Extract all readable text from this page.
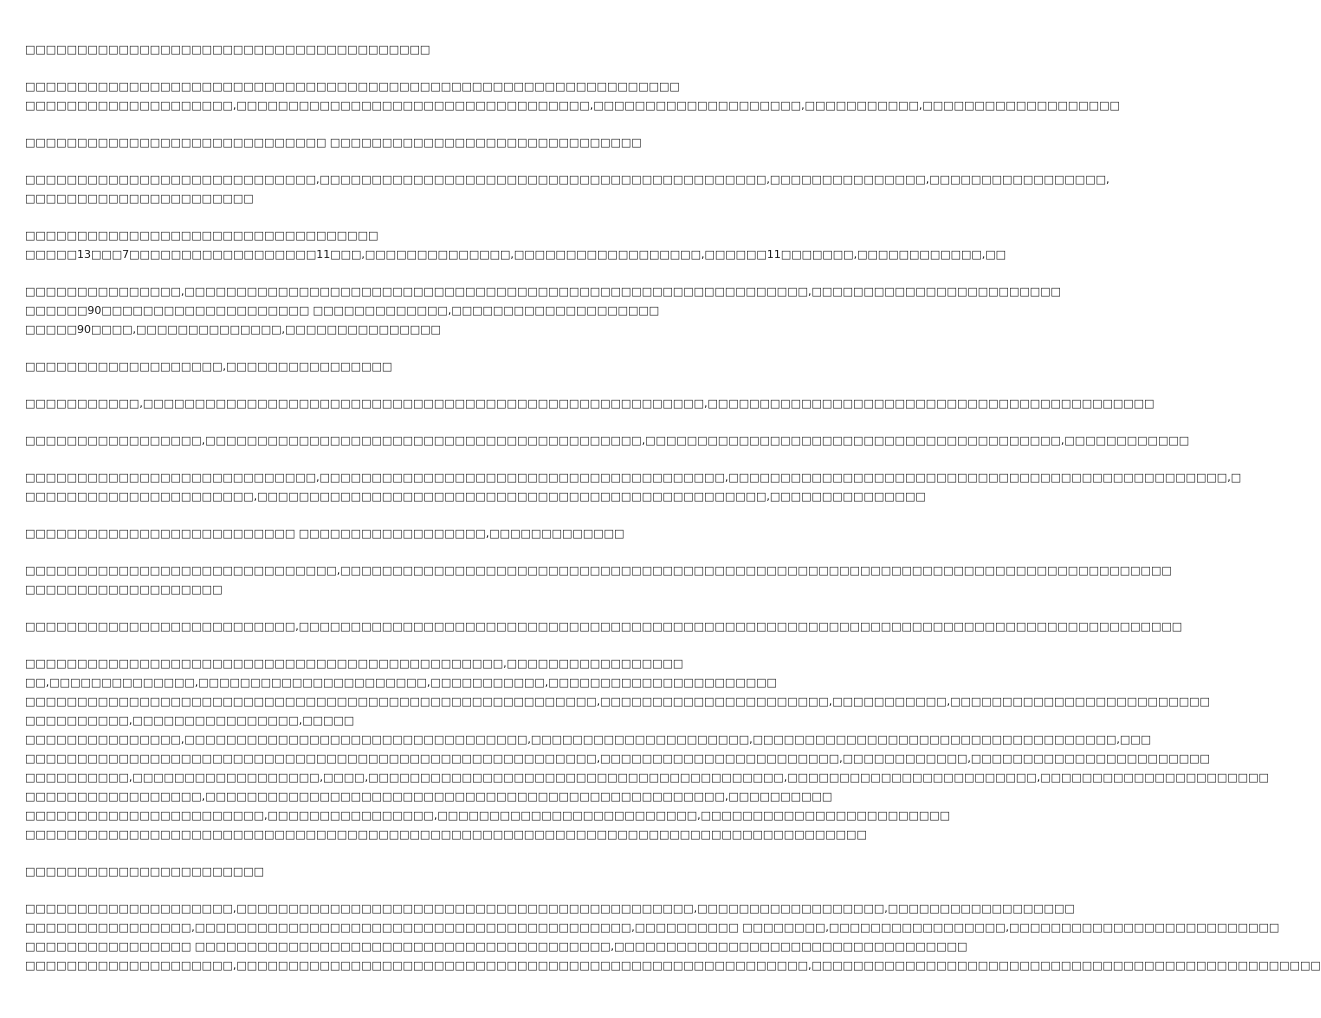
□□□□□□□□□□□□□□□□□□□□□□□□□□□□□□□□□□□□□□□
□□□□□□□□□□□□□□□□□□□□□□□□□□□□□□□□□□□□□□□□□□□□□□□□□□□□□□□□□□□□□□□
□□□□□□□□□□□□□□□□□□□□,□□□□□□□□□□□□□□□□□□□□□□□□□□□□□□□□□□,□□□□□□□□□□□□□□□□□□□□,□□□□□□□□□□□,□□□□□□□□□□□□□□□□□□□
□□□□□□□□□□□□□□□□□□□□□□□□□□□□□ □□□□□□□□□□□□□□□□□□□□□□□□□□□□□□
□□□□□□□□□□□□□□□□□□□□□□□□□□□□,□□□□□□□□□□□□□□□□□□□□□□□□□□□□□□□□□□□□□□□□□□□,□□□□□□□□□□□□□□□,□□□□□□□□□□□□□□□□□,
□□□□□□□□□□□□□□□□□□□□□□
□□□□□□□□□□□□□□□□□□□□□□□□□□□□□□□□□□
□□□□□13□□□7□□□□□□□□□□□□□□□□□□11□□□,□□□□□□□□□□□□□□,□□□□□□□□□□□□□□□□□□,□□□□□□11□□□□□□□,□□□□□□□□□□□□,□□
□□□□□□□□□□□□□□□,□□□□□□□□□□□□□□□□□□□□□□□□□□□□□□□□□□□□□□□□□□□□□□□□□□□□□□□□□□□□,□□□□□□□□□□□□□□□□□□□□□□□□
□□□□□□90□□□□□□□□□□□□□□□□□□□□ □□□□□□□□□□□□□,□□□□□□□□□□□□□□□□□□□□
□□□□□90□□□□,□□□□□□□□□□□□□□,□□□□□□□□□□□□□□□
□□□□□□□□□□□□□□□□□□□,□□□□□□□□□□□□□□□□
□□□□□□□□□□□,□□□□□□□□□□□□□□□□□□□□□□□□□□□□□□□□□□□□□□□□□□□□□□□□□□□□□□,□□□□□□□□□□□□□□□□□□□□□□□□□□□□□□□□□□□□□□□□□□□
□□□□□□□□□□□□□□□□□,□□□□□□□□□□□□□□□□□□□□□□□□□□□□□□□□□□□□□□□□□□,□□□□□□□□□□□□□□□□□□□□□□□□□□□□□□□□□□□□□□□□,□□□□□□□□□□□□
□□□□□□□□□□□□□□□□□□□□□□□□□□□□,□□□□□□□□□□□□□□□□□□□□□□□□□□□□□□□□□□□□□□□,□□□□□□□□□□□□□□□□□□□□□□□□□□□□□□□□□□□□□□□□□□□□□□□□,□
□□□□□□□□□□□□□□□□□□□□□□,□□□□□□□□□□□□□□□□□□□□□□□□□□□□□□□□□□□□□□□□□□□□□□□□□,□□□□□□□□□□□□□□□
□□□□□□□□□□□□□□□□□□□□□□□□□□ □□□□□□□□□□□□□□□□□□,□□□□□□□□□□□□□
□□□□□□□□□□□□□□□□□□□□□□□□□□□□□□,□□□□□□□□□□□□□□□□□□□□□□□□□□□□□□□□□□□□□□□□□□□□□□□□□□□□□□□□□□□□□□□□□□□□□□□□□□□□□□□□
□□□□□□□□□□□□□□□□□□□
□□□□□□□□□□□□□□□□□□□□□□□□□□,□□□□□□□□□□□□□□□□□□□□□□□□□□□□□□□□□□□□□□□□□□□□□□□□□□□□□□□□□□□□□□□□□□□□□□□□□□□□□□□□□□□□□
□□□□□□□□□□□□□□□□□□□□□□□□□□□□□□□□□□□□□□□□□□□□□□,□□□□□□□□□□□□□□□□□
□□,□□□□□□□□□□□□□□,□□□□□□□□□□□□□□□□□□□□□□,□□□□□□□□□□□,□□□□□□□□□□□□□□□□□□□□□□
□□□□□□□□□□□□□□□□□□□□□□□□□□□□□□□□□□□□□□□□□□□□□□□□□□□□□□□,□□□□□□□□□□□□□□□□□□□□□□,□□□□□□□□□□□,□□□□□□□□□□□□□□□□□□□□□□□□□
□□□□□□□□□□,□□□□□□□□□□□□□□□□,□□□□□
□□□□□□□□□□□□□□□,□□□□□□□□□□□□□□□□□□□□□□□□□□□□□□□□□,□□□□□□□□□□□□□□□□□□□□□,□□□□□□□□□□□□□□□□□□□□□□□□□□□□□□□□□□□,□□□
□□□□□□□□□□□□□□□□□□□□□□□□□□□□□□□□□□□□□□□□□□□□□□□□□□□□□□□,□□□□□□□□□□□□□□□□□□□□□□□,□□□□□□□□□□□□,□□□□□□□□□□□□□□□□□□□□□□□
□□□□□□□□□□,□□□□□□□□□□□□□□□□□□,□□□□,□□□□□□□□□□□□□□□□□□□□□□□□□□□□□□□□□□□□□□□□,□□□□□□□□□□□□□□□□□□□□□□□□,□□□□□□□□□□□□□□□□□□□□□□
□□□□□□□□□□□□□□□□□,□□□□□□□□□□□□□□□□□□□□□□□□□□□□□□□□□□□□□□□□□□□□□□□□□□,□□□□□□□□□□
□□□□□□□□□□□□□□□□□□□□□□□,□□□□□□□□□□□□□□□□,□□□□□□□□□□□□□□□□□□□□□□□□□,□□□□□□□□□□□□□□□□□□□□□□□□
□□□□□□□□□□□□□□□□□□□□□□□□□□□□□□□□□□□□□□□□□□□□□□□□□□□□□□□□□□□□□□□□□□□□□□□□□□□□□□□□□
□□□□□□□□□□□□□□□□□□□□□□□
□□□□□□□□□□□□□□□□□□□□,□□□□□□□□□□□□□□□□□□□□□□□□□□□□□□□□□□□□□□□□□□□□,□□□□□□□□□□□□□□□□□□,□□□□□□□□□□□□□□□□□□
□□□□□□□□□□□□□□□□,□□□□□□□□□□□□□□□□□□□□□□□□□□□□□□□□□□□□□□□□□□,□□□□□□□□□□ □□□□□□□□,□□□□□□□□□□□□□□□□□,□□□□□□□□□□□□□□□□□□□□□□□□□□
□□□□□□□□□□□□□□□□ □□□□□□□□□□□□□□□□□□□□□□□□□□□□□□□□□□□□□□□□,□□□□□□□□□□□□□□□□□□□□□□□□□□□□□□□□□□
□□□□□□□□□□□□□□□□□□□□,□□□□□□□□□□□□□□□□□□□□□□□□□□□□□□□□□□□□□□□□□□□□□□□□□□□□□□□,□□□□□□□□□□□□□□□□□□□□□□□□□□□□□□□□□□□□□□□□□□□□□□□□□
